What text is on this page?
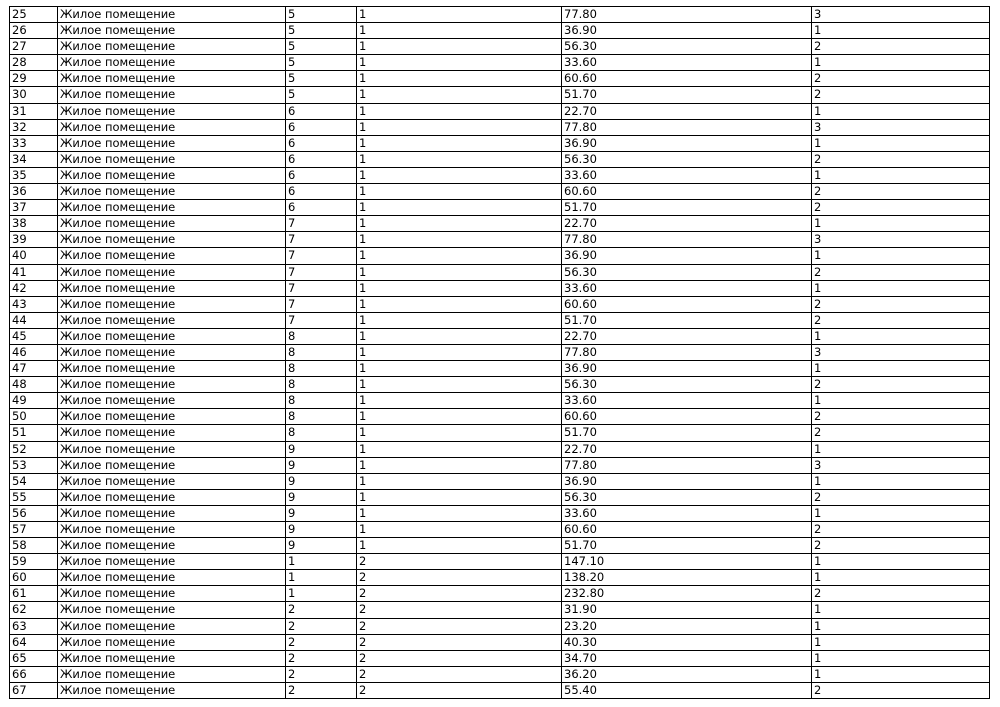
25	Жилое помещение	5	1	77.80	3
26	Жилое помещение	5	1	36.90	1
27	Жилое помещение	5	1	56.30	2
28	Жилое помещение	5	1	33.60	1
29	Жилое помещение	5	1	60.60	2
30	Жилое помещение	5	1	51.70	2
31	Жилое помещение	6	1	22.70	1
32	Жилое помещение	6	1	77.80	3
33	Жилое помещение	6	1	36.90	1
34	Жилое помещение	6	1	56.30	2
35	Жилое помещение	6	1	33.60	1
36	Жилое помещение	6	1	60.60	2
37	Жилое помещение	6	1	51.70	2
38	Жилое помещение	7	1	22.70	1
39	Жилое помещение	7	1	77.80	3
40	Жилое помещение	7	1	36.90	1
41	Жилое помещение	7	1	56.30	2
42	Жилое помещение	7	1	33.60	1
43	Жилое помещение	7	1	60.60	2
44	Жилое помещение	7	1	51.70	2
45	Жилое помещение	8	1	22.70	1
46	Жилое помещение	8	1	77.80	3
47	Жилое помещение	8	1	36.90	1
48	Жилое помещение	8	1	56.30	2
49	Жилое помещение	8	1	33.60	1
50	Жилое помещение	8	1	60.60	2
51	Жилое помещение	8	1	51.70	2
52	Жилое помещение	9	1	22.70	1
53	Жилое помещение	9	1	77.80	3
54	Жилое помещение	9	1	36.90	1
55	Жилое помещение	9	1	56.30	2
56	Жилое помещение	9	1	33.60	1
57	Жилое помещение	9	1	60.60	2
58	Жилое помещение	9	1	51.70	2
59	Жилое помещение	1	2	147.10	1
60	Жилое помещение	1	2	138.20	1
61	Жилое помещение	1	2	232.80	2
62	Жилое помещение	2	2	31.90	1
63	Жилое помещение	2	2	23.20	1
64	Жилое помещение	2	2	40.30	1
65	Жилое помещение	2	2	34.70	1
66	Жилое помещение	2	2	36.20	1
67	Жилое помещение	2	2	55.40	2
